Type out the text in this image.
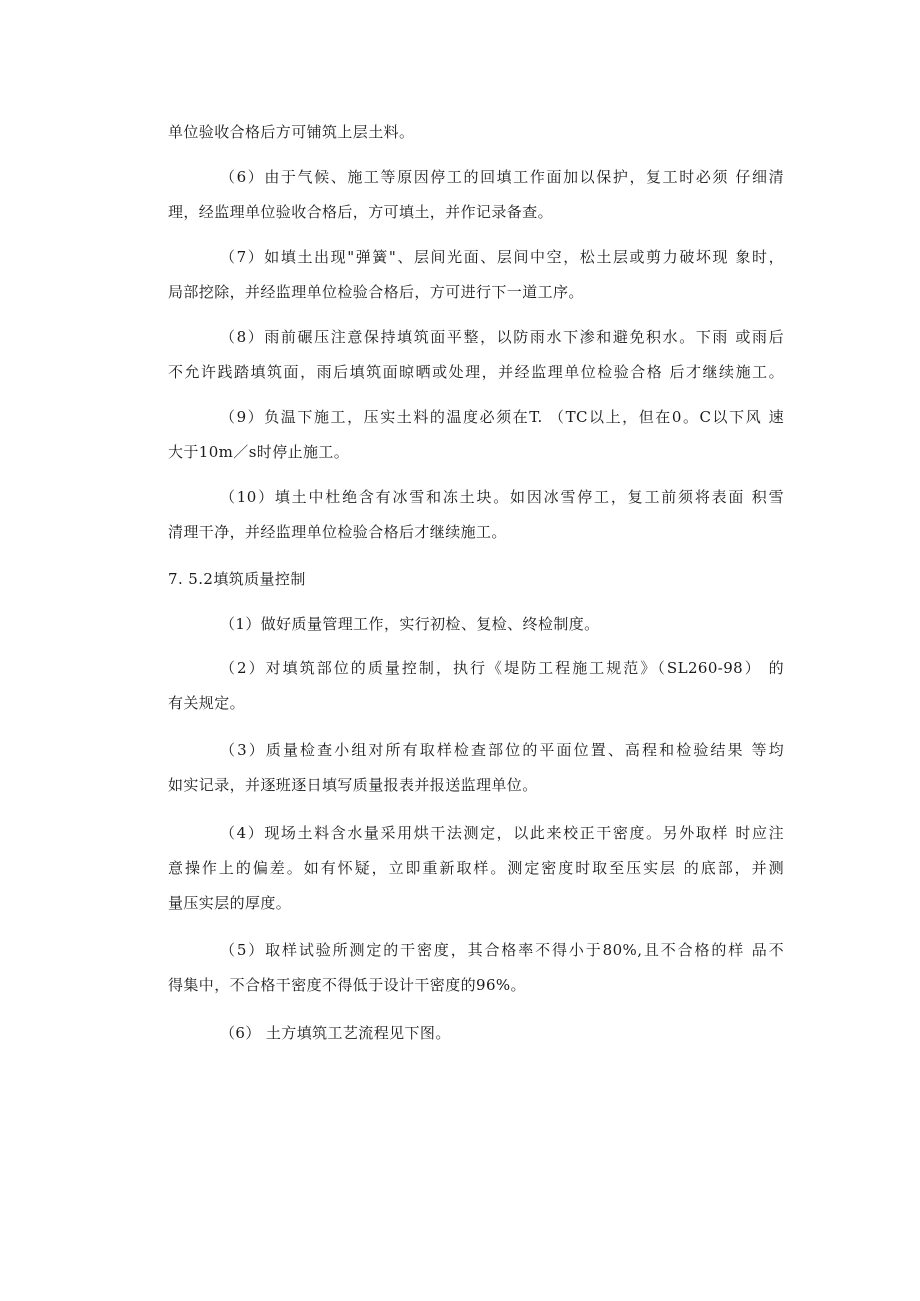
单位验收合格后方可铺筑上层土料。

（6）由于气候、施工等原因停工的回填工作面加以保护，复工时必须 仔细清
理，经监理单位验收合格后，方可填土，并作记录备查。

（7）如填土出现"弹簧"、层间光面、层间中空，松土层或剪力破坏现 象时，
局部挖除，并经监理单位检验合格后，方可进行下一道工序。

（8）雨前碾压注意保持填筑面平整，以防雨水下渗和避免积水。下雨 或雨后
不允许践踏填筑面，雨后填筑面晾晒或处理，并经监理单位检验合格 后才继续施工。

（9）负温下施工，压实土料的温度必须在T. （TC以上，但在0。C以下风 速
大于10m／s时停止施工。

（10）填土中杜绝含有冰雪和冻土块。如因冰雪停工，复工前须将表面 积雪
清理干净，并经监理单位检验合格后才继续施工。

7. 5.2填筑质量控制

（1）做好质量管理工作，实行初检、复检、终检制度。

（2）对填筑部位的质量控制，执行《堤防工程施工规范》（SL260-98） 的
有关规定。

（3）质量检查小组对所有取样检查部位的平面位置、高程和检验结果 等均
如实记录，并逐班逐日填写质量报表并报送监理单位。

（4）现场土料含水量采用烘干法测定，以此来校正干密度。另外取样 时应注
意操作上的偏差。如有怀疑，立即重新取样。测定密度时取至压实层 的底部，并测
量压实层的厚度。

（5）取样试验所测定的干密度，其合格率不得小于80%,且不合格的样 品不
得集中，不合格干密度不得低于设计干密度的96%。

（6） 土方填筑工艺流程见下图。
